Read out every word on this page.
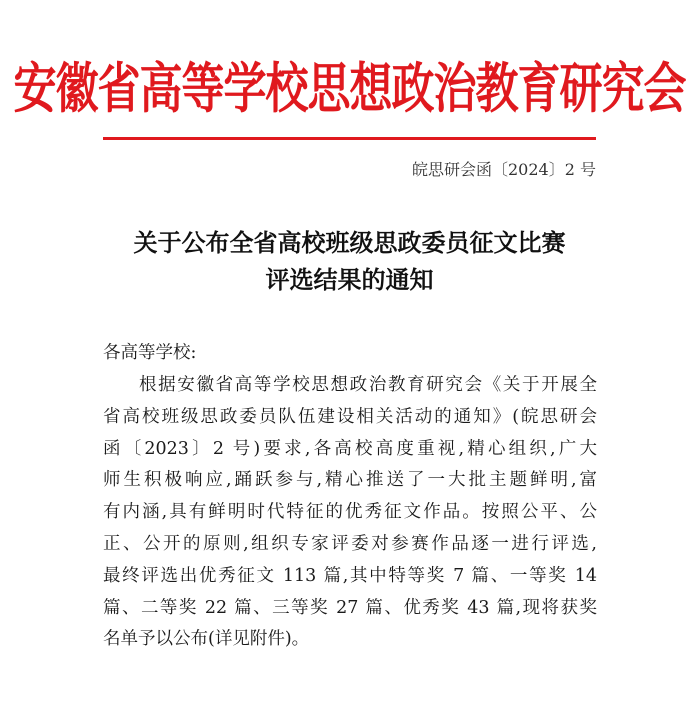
安徽省高等学校思想政治教育研究会
皖思研会函〔2024〕2 号
关于公布全省高校班级思政委员征文比赛
评选结果的通知
各高等学校:
根据安徽省高等学校思想政治教育研究会《关于开展全
省高校班级思政委员队伍建设相关活动的通知》(皖思研会
函〔2023〕2 号)要求,各高校高度重视,精心组织,广大
师生积极响应,踊跃参与,精心推送了一大批主题鲜明,富
有内涵,具有鲜明时代特征的优秀征文作品。按照公平、公
正、公开的原则,组织专家评委对参赛作品逐一进行评选,
最终评选出优秀征文 113 篇,其中特等奖 7 篇、一等奖 14
篇、二等奖 22 篇、三等奖 27 篇、优秀奖 43 篇,现将获奖
名单予以公布(详见附件)。
